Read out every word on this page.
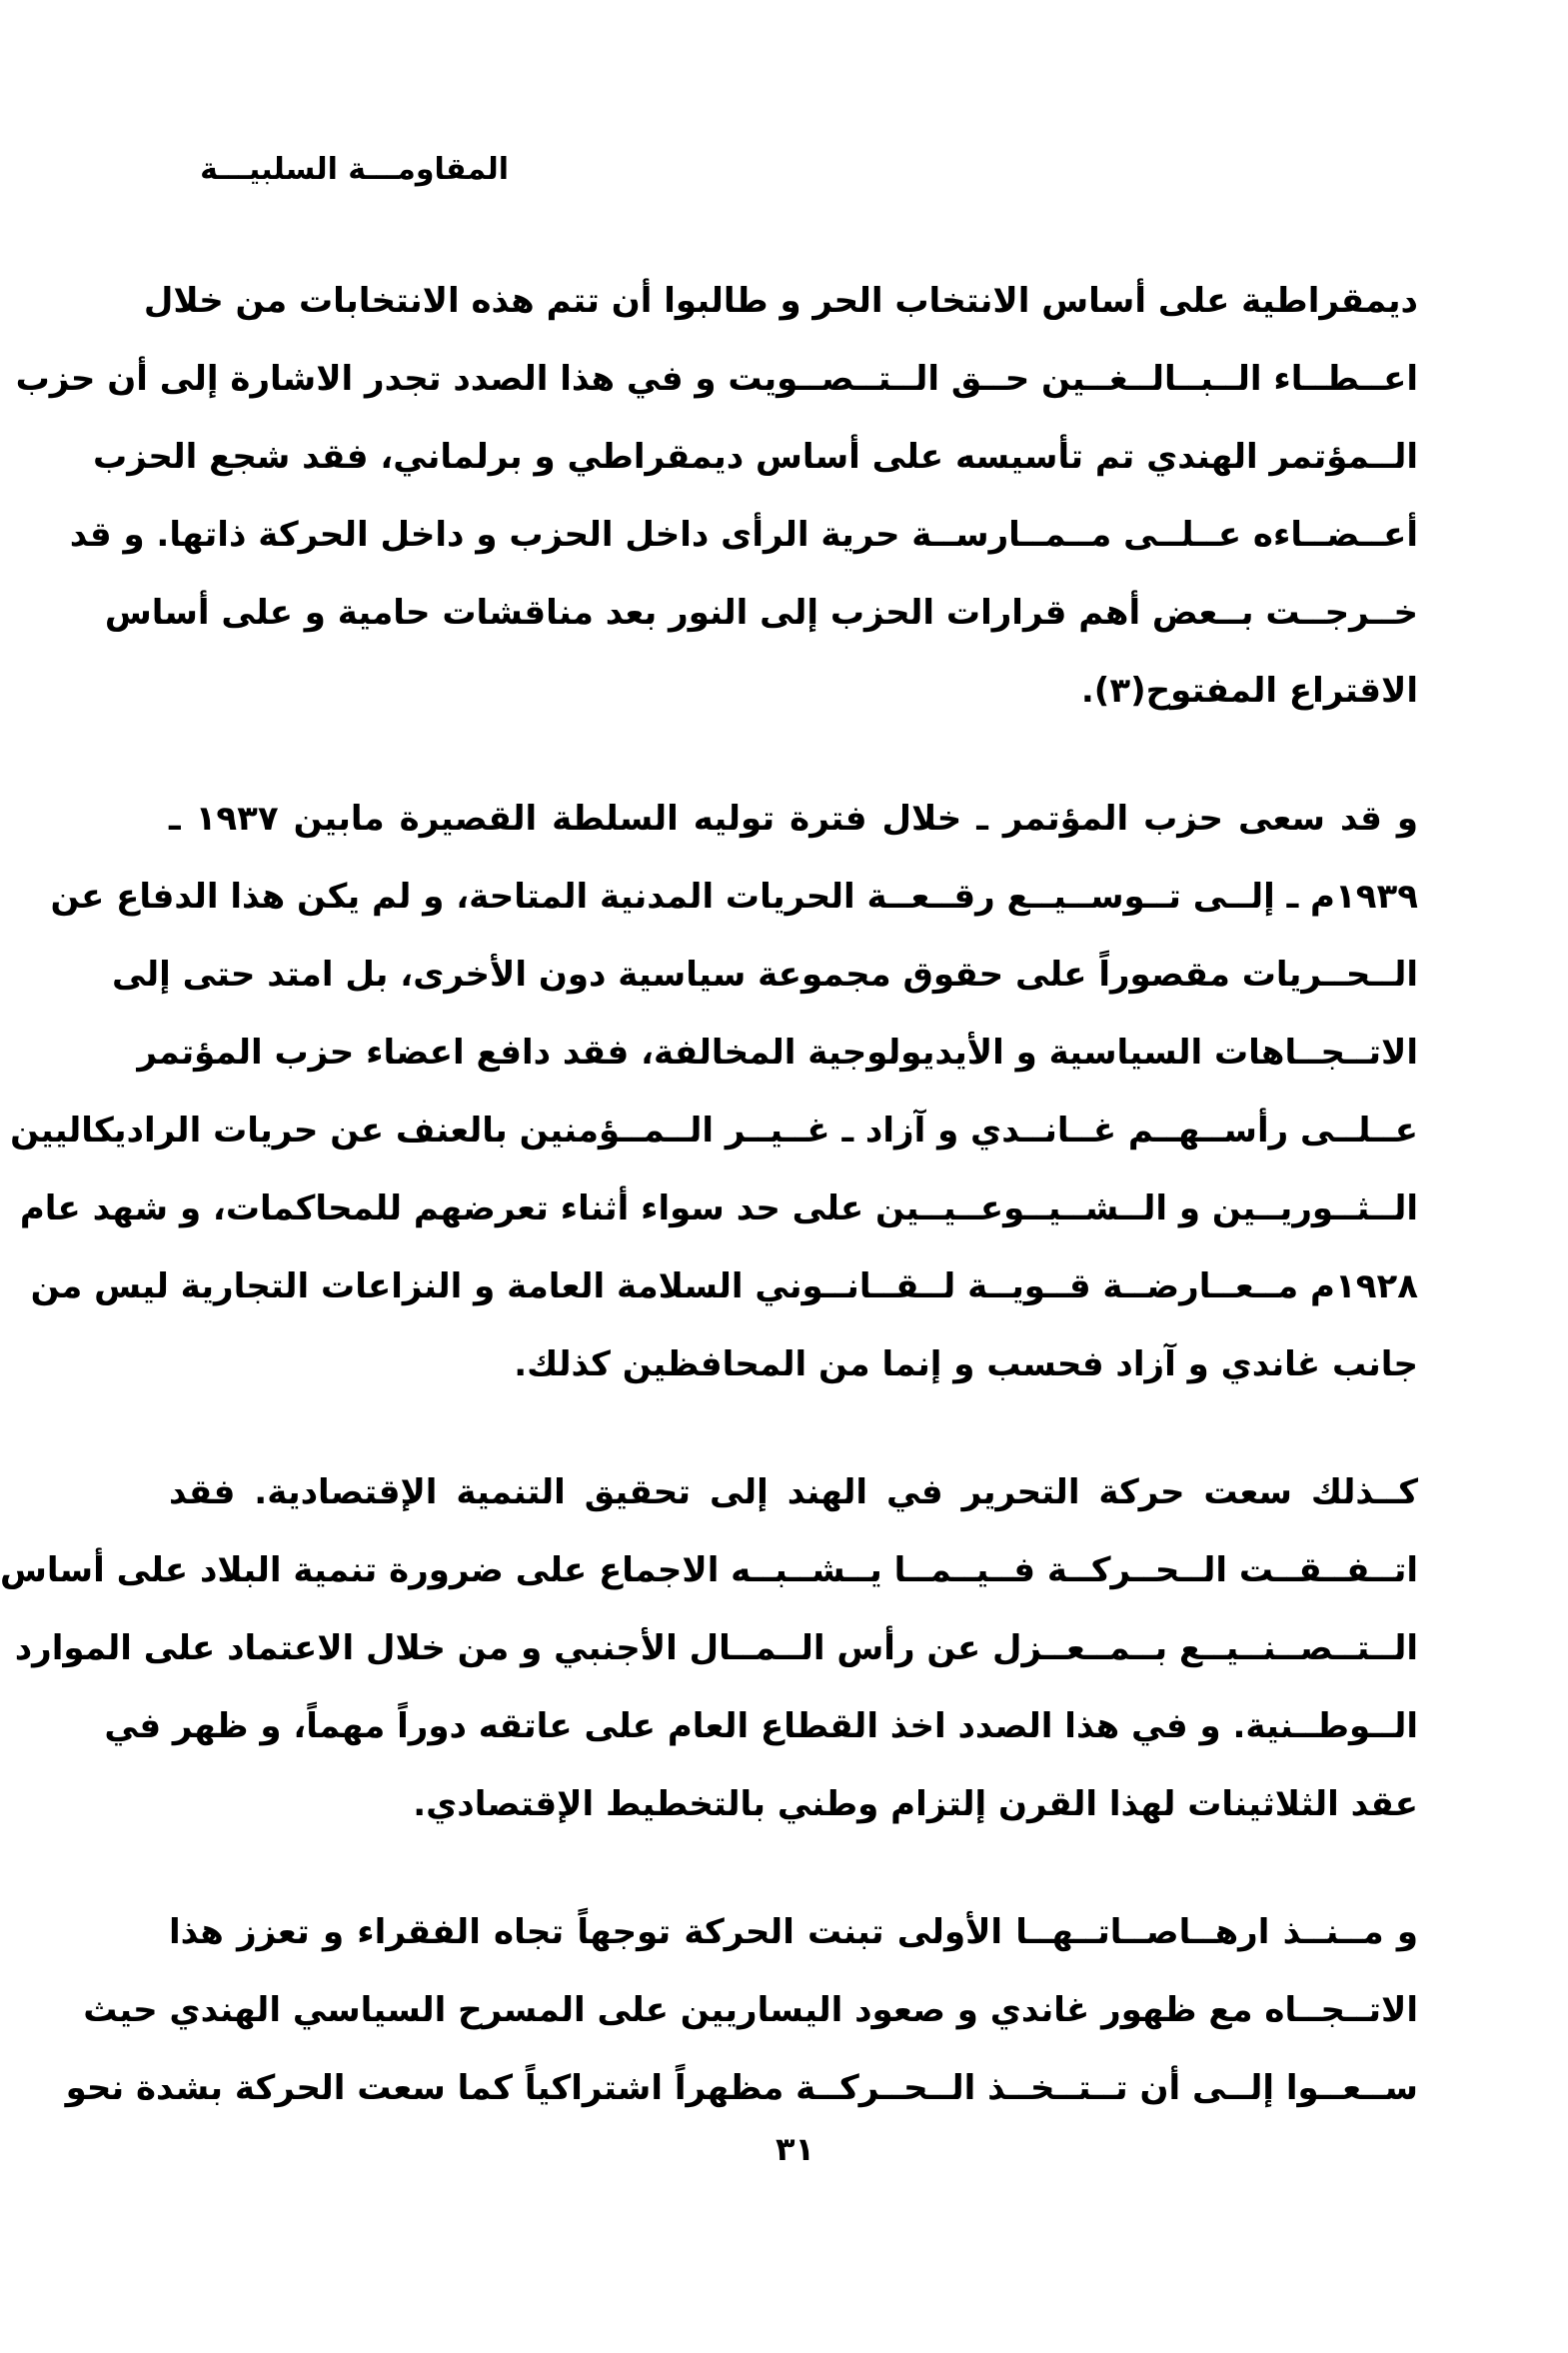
المقاومـــة السلبيـــة
ديمقراطية على أساس الانتخاب الحر و طالبوا أن تتم هذه الانتخابات من خلال
اعــطــاء الــبــالــغــين حــق الــتــصــويت و في هذا الصدد تجدر الاشارة إلى أن حزب
الــمؤتمر الهندي تم تأسيسه على أساس ديمقراطي و برلماني، فقد شجع الحزب
أعــضــاءه عــلــى مــمــارســة حرية الرأى داخل الحزب و داخل الحركة ذاتها. و قد
خــرجــت بــعض أهم قرارات الحزب إلى النور بعد مناقشات حامية و على أساس
الاقتراع المفتوح(٣).
و قد سعى حزب المؤتمر ـ خلال فترة توليه السلطة القصيرة مابين ١٩٣٧ ـ
١٩٣٩م ـ إلــى تــوســيــع رقــعــة الحريات المدنية المتاحة، و لم يكن هذا الدفاع عن
الــحــريات مقصوراً على حقوق مجموعة سياسية دون الأخرى، بل امتد حتى إلى
الاتــجــاهات السياسية و الأيديولوجية المخالفة، فقد دافع اعضاء حزب المؤتمر
عــلــى رأســهــم غــانــدي و آزاد ـ غــيــر الــمــؤمنين بالعنف عن حريات الراديكاليين
الــثــوريــين و الــشــيــوعــيــين على حد سواء أثناء تعرضهم للمحاكمات، و شهد عام
١٩٢٨م مــعــارضــة قــويــة لــقــانــوني السلامة العامة و النزاعات التجارية ليس من
جانب غاندي و آزاد فحسب و إنما من المحافظين كذلك.
كــذلك سعت حركة التحرير في الهند إلى تحقيق التنمية الإقتصادية. فقد
اتــفــقــت الــحــركــة فــيــمــا يــشــبــه الاجماع على ضرورة تنمية البلاد على أساس
الــتــصــنــيــع بــمــعــزل عن رأس الــمــال الأجنبي و من خلال الاعتماد على الموارد
الــوطــنية. و في هذا الصدد اخذ القطاع العام على عاتقه دوراً مهماً، و ظهر في
عقد الثلاثينات لهذا القرن إلتزام وطني بالتخطيط الإقتصادي.
و مــنــذ ارهــاصــاتــهــا الأولى تبنت الحركة توجهاً تجاه الفقراء و تعزز هذا
الاتــجــاه مع ظهور غاندي و صعود اليساريين على المسرح السياسي الهندي حيث
ســعــوا إلــى أن تــتــخــذ الــحــركــة مظهراً اشتراكياً كما سعت الحركة بشدة نحو
٣١
